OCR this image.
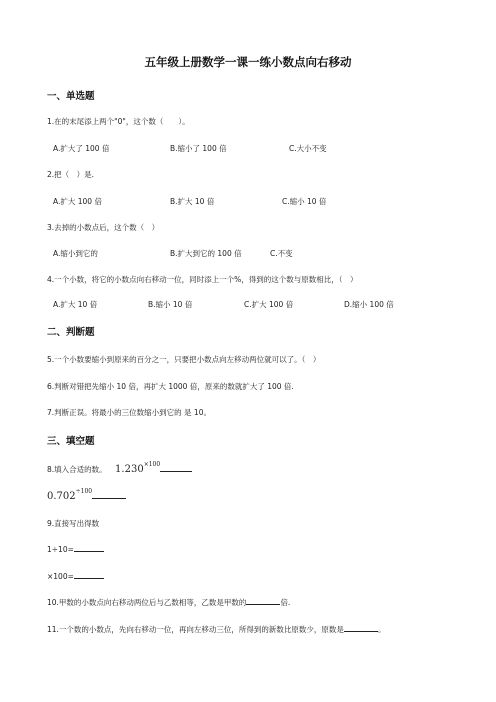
五年级上册数学一课一练小数点向右移动
一、单选题
1.在的末尾添上两个"0"，这个数（　　）。
A.扩大了 100 倍	B.缩小了 100 倍	C.大小不变
2.把（　）是.
A.扩大 100 倍	B.扩大 10 倍	C.缩小 10 倍
3.去掉的小数点后，这个数（　）
A.缩小到它的	B.扩大到它的 100 倍	C.不变
4.一个小数，将它的小数点向右移动一位，同时添上一个%，得到的这个数与原数相比，（　）
A.扩大 10 倍	B.缩小 10 倍	C.扩大 100 倍	D.缩小 100 倍
二、判断题
5.一个小数要缩小到原来的百分之一，只要把小数点向左移动两位就可以了。（　）
6.判断对错把先缩小 10 倍，再扩大 1000 倍，原来的数就扩大了 100 倍.
7.判断正误。将最小的三位数缩小到它的 是 10。
三、填空题
8.填入合适的数。 $1.230^{\times 100}$
$0.702^{\div 100}$
9.直接写出得数
1÷10=
×100=
10.甲数的小数点向右移动两位后与乙数相等，乙数是甲数的	倍.
11.一个数的小数点，先向右移动一位，再向左移动三位，所得到的新数比原数少，原数是	。
